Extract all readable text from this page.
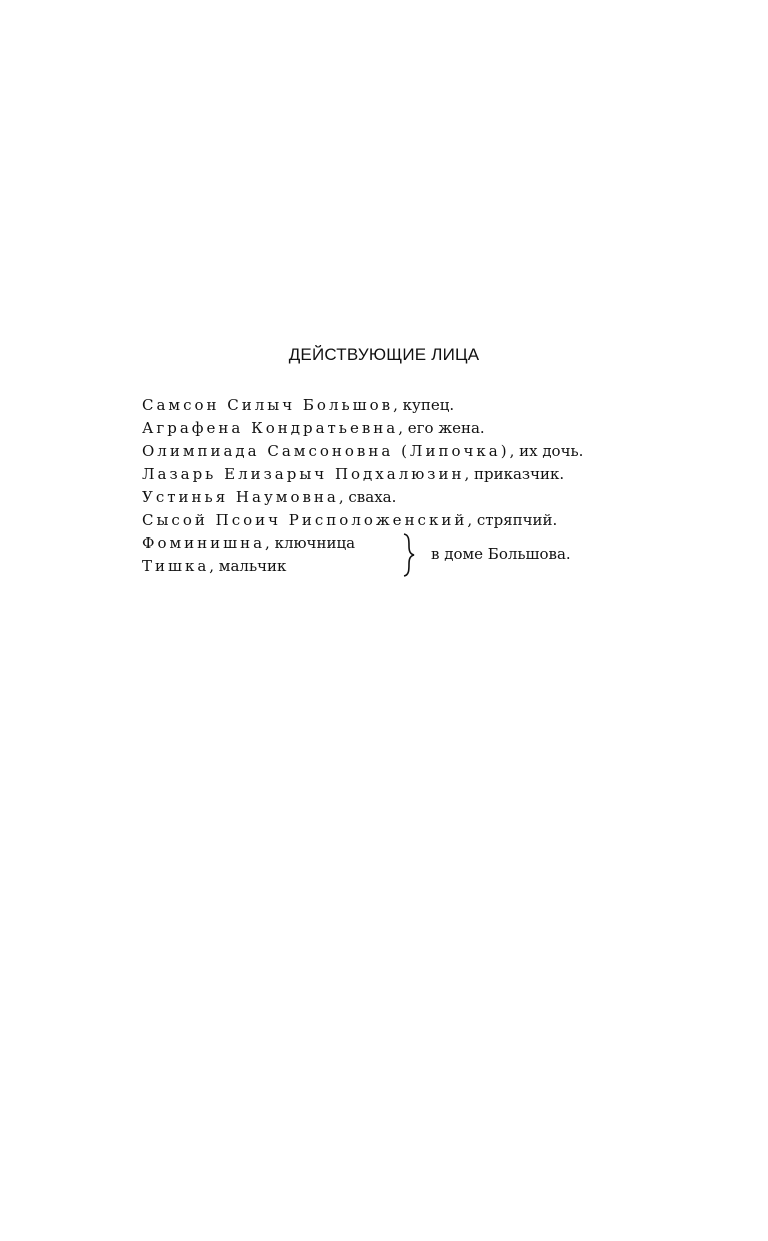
ДЕЙСТВУЮЩИЕ ЛИЦА
Самсон Силыч Большов, купец.
Аграфена Кондратьевна, его жена.
Олимпиада Самсоновна (Липочка), их дочь.
Лазарь Елизарыч Подхалюзин, приказчик.
Устинья Наумовна, сваха.
Сысой Псоич Рисположенский, стряпчий.
Фоминишна, ключница
Тишка, мальчик
в доме Большова.
